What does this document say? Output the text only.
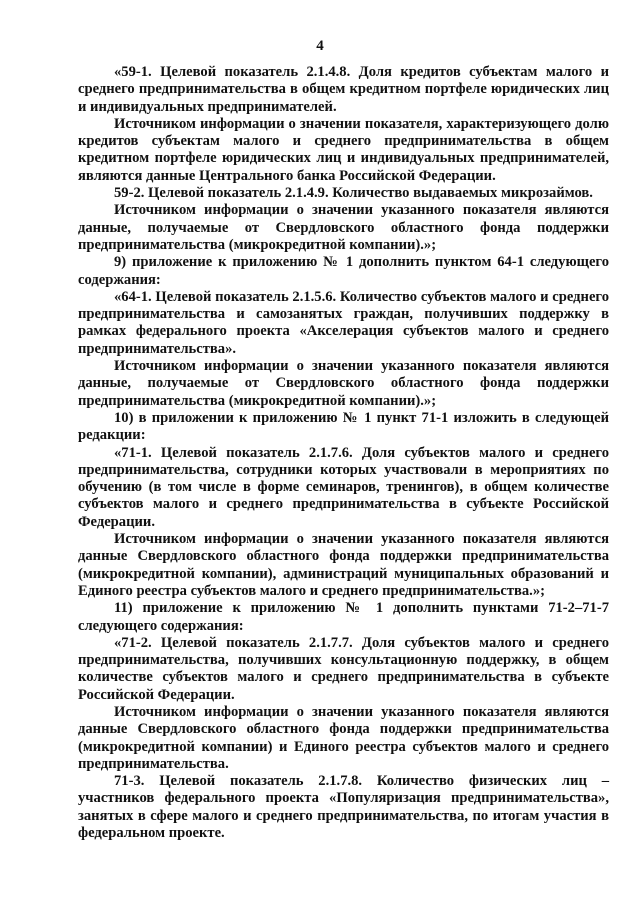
4

«59-1. Целевой показатель 2.1.4.8. Доля кредитов субъектам малого и среднего предпринимательства в общем кредитном портфеле юридических лиц и индивидуальных предпринимателей.

Источником информации о значении показателя, характеризующего долю кредитов субъектам малого и среднего предпринимательства в общем кредитном портфеле юридических лиц и индивидуальных предпринимателей, являются данные Центрального банка Российской Федерации.

59-2. Целевой показатель 2.1.4.9. Количество выдаваемых микрозаймов.

Источником информации о значении указанного показателя являются данные, получаемые от Свердловского областного фонда поддержки предпринимательства (микрокредитной компании).»;

9) приложение к приложению № 1 дополнить пунктом 64-1 следующего содержания:

«64-1. Целевой показатель 2.1.5.6. Количество субъектов малого и среднего предпринимательства и самозанятых граждан, получивших поддержку в рамках федерального проекта «Акселерация субъектов малого и среднего предпринимательства».

Источником информации о значении указанного показателя являются данные, получаемые от Свердловского областного фонда поддержки предпринимательства (микрокредитной компании).»;

10) в приложении к приложению № 1 пункт 71-1 изложить в следующей редакции:

«71-1. Целевой показатель 2.1.7.6. Доля субъектов малого и среднего предпринимательства, сотрудники которых участвовали в мероприятиях по обучению (в том числе в форме семинаров, тренингов), в общем количестве субъектов малого и среднего предпринимательства в субъекте Российской Федерации.

Источником информации о значении указанного показателя являются данные Свердловского областного фонда поддержки предпринимательства (микрокредитной компании), администраций муниципальных образований и Единого реестра субъектов малого и среднего предпринимательства.»;

11) приложение к приложению № 1 дополнить пунктами 71-2–71-7 следующего содержания:

«71-2. Целевой показатель 2.1.7.7. Доля субъектов малого и среднего предпринимательства, получивших консультационную поддержку, в общем количестве субъектов малого и среднего предпринимательства в субъекте Российской Федерации.

Источником информации о значении указанного показателя являются данные Свердловского областного фонда поддержки предпринимательства (микрокредитной компании) и Единого реестра субъектов малого и среднего предпринимательства.

71-3. Целевой показатель 2.1.7.8. Количество физических лиц – участников федерального проекта «Популяризация предпринимательства», занятых в сфере малого и среднего предпринимательства, по итогам участия в федеральном проекте.
